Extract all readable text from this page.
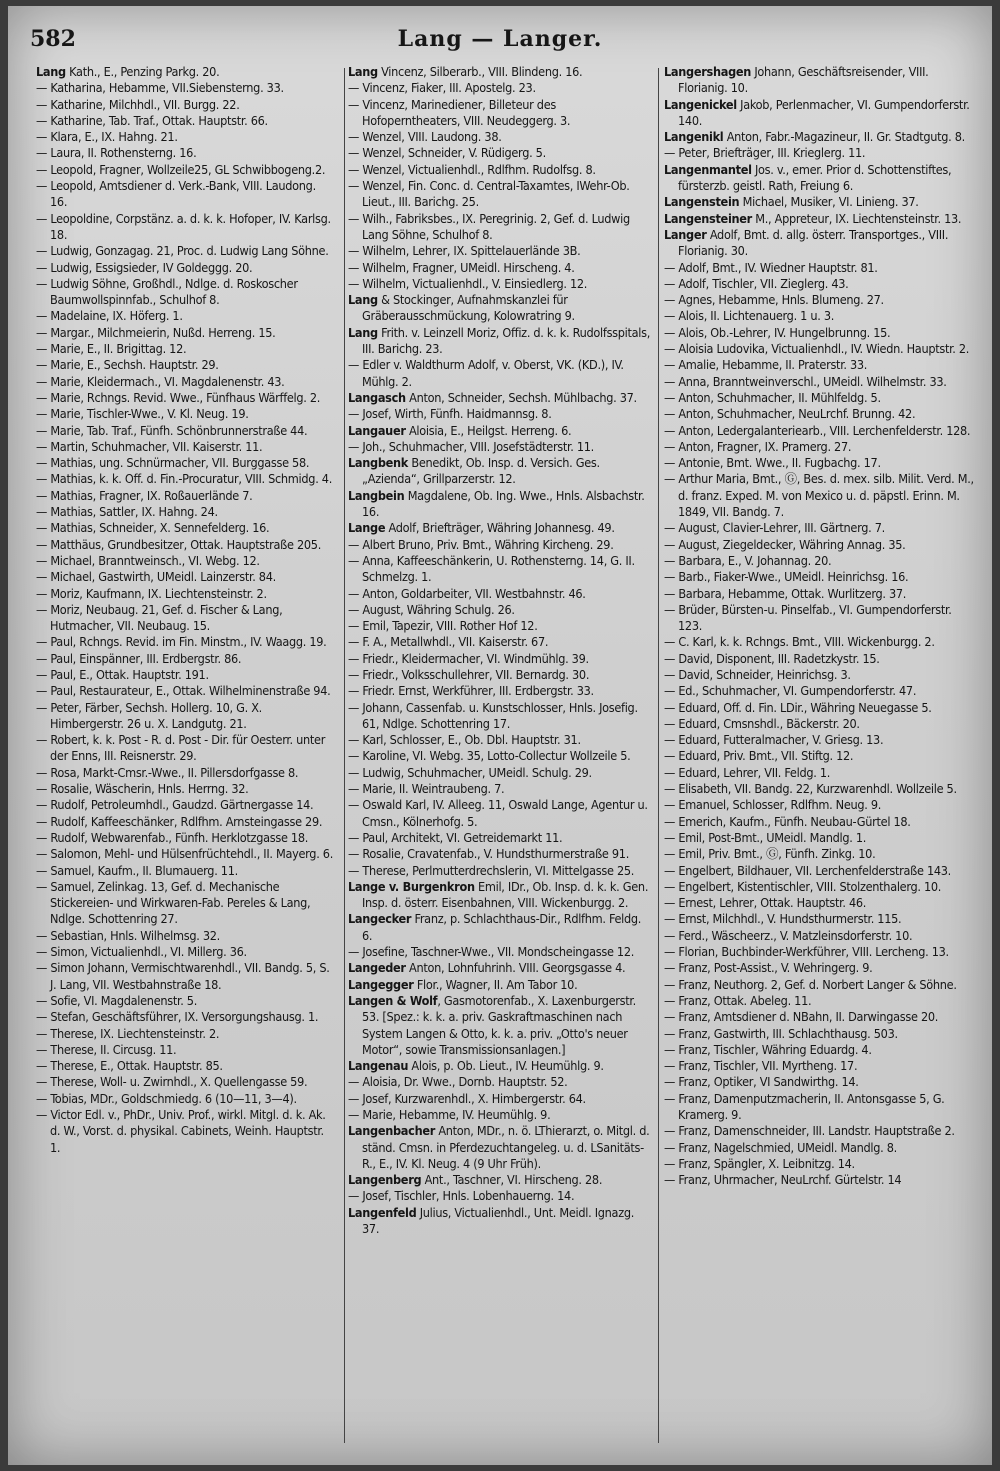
582	Lang — Langer.

Lang Kath., E., Penzing Parkg. 20.

— Katharina, Hebamme, VII.Siebensterng. 33.

— Katharine, Milchhdl., VII. Burgg. 22.

— Katharine, Tab. Traf., Ottak. Hauptstr. 66.

— Klara, E., IX. Hahng. 21.

— Laura, II. Rothensterng. 16.

— Leopold, Fragner, Wollzeile25, GL Schwibbogeng.2.

— Leopold, Amtsdiener d. Verk.-Bank, VIII. Laudong. 16.

— Leopoldine, Corpstänz. a. d. k. k. Hofoper, IV. Karlsg. 18.

— Ludwig, Gonzagag. 21, Proc. d. Ludwig Lang Söhne.

— Ludwig, Essigsieder, IV Goldeggg. 20.

— Ludwig Söhne, Großhdl., Ndlge. d. Roskoscher Baumwollspinnfab., Schulhof 8.

— Madelaine, IX. Höferg. 1.

— Margar., Milchmeierin, Nußd. Herreng. 15.

— Marie, E., II. Brigittag. 12.

— Marie, E., Sechsh. Hauptstr. 29.

— Marie, Kleidermach., VI. Magdalenenstr. 43.

— Marie, Rchngs. Revid. Wwe., Fünfhaus Wärffelg. 2.

— Marie, Tischler-Wwe., V. Kl. Neug. 19.

— Marie, Tab. Traf., Fünfh. Schönbrunnerstraße 44.

— Martin, Schuhmacher, VII. Kaiserstr. 11.

— Mathias, ung. Schnürmacher, VII. Burggasse 58.

— Mathias, k. k. Off. d. Fin.-Procuratur, VIII. Schmidg. 4.

— Mathias, Fragner, IX. Roßauerlände 7.

— Mathias, Sattler, IX. Hahng. 24.

— Mathias, Schneider, X. Sennefelderg. 16.

— Matthäus, Grundbesitzer, Ottak. Hauptstraße 205.

— Michael, Branntweinsch., VI. Webg. 12.

— Michael, Gastwirth, UMeidl. Lainzerstr. 84.

— Moriz, Kaufmann, IX. Liechtensteinstr. 2.

— Moriz, Neubaug. 21, Gef. d. Fischer & Lang, Hutmacher, VII. Neubaug. 15.

— Paul, Rchngs. Revid. im Fin. Minstm., IV. Waagg. 19.

— Paul, Einspänner, III. Erdbergstr. 86.

— Paul, E., Ottak. Hauptstr. 191.

— Paul, Restaurateur, E., Ottak. Wilhelminenstraße 94.

— Peter, Färber, Sechsh. Hollerg. 10, G. X. Himbergerstr. 26 u. X. Landgutg. 21.

— Robert, k. k. Post - R. d. Post - Dir. für Oesterr. unter der Enns, III. Reisnerstr. 29.

— Rosa, Markt-Cmsr.-Wwe., II. Pillersdorfgasse 8.

— Rosalie, Wäscherin, Hnls. Herrng. 32.

— Rudolf, Petroleumhdl., Gaudzd. Gärtnergasse 14.

— Rudolf, Kaffeeschänker, Rdlfhm. Arnsteingasse 29.

— Rudolf, Webwarenfab., Fünfh. Herklotzgasse 18.

— Salomon, Mehl- und Hülsenfrüchtehdl., II. Mayerg. 6.

— Samuel, Kaufm., II. Blumauerg. 11.

— Samuel, Zelinkag. 13, Gef. d. Mechanische Stickereien- und Wirkwaren-Fab. Pereles & Lang, Ndlge. Schottenring 27.

— Sebastian, Hnls. Wilhelmsg. 32.

— Simon, Victualienhdl., VI. Millerg. 36.

— Simon Johann, Vermischtwarenhdl., VII. Bandg. 5, S. J. Lang, VII. Westbahnstraße 18.

— Sofie, VI. Magdalenenstr. 5.

— Stefan, Geschäftsführer, IX. Versorgungshausg. 1.

— Therese, IX. Liechtensteinstr. 2.

— Therese, II. Circusg. 11.

— Therese, E., Ottak. Hauptstr. 85.

— Therese, Woll- u. Zwirnhdl., X. Quellengasse 59.

— Tobias, MDr., Goldschmiedg. 6 (10—11, 3—4).

— Victor Edl. v., PhDr., Univ. Prof., wirkl. Mitgl. d. k. Ak. d. W., Vorst. d. physikal. Cabinets, Weinh. Hauptstr. 1.

Lang Vincenz, Silberarb., VIII. Blindeng. 16.

— Vincenz, Fiaker, III. Apostelg. 23.

— Vincenz, Marinediener, Billeteur des Hofoperntheaters, VIII. Neudeggerg. 3.

— Wenzel, VIII. Laudong. 38.

— Wenzel, Schneider, V. Rüdigerg. 5.

— Wenzel, Victualienhdl., Rdlfhm. Rudolfsg. 8.

— Wenzel, Fin. Conc. d. Central-Taxamtes, IWehr-Ob. Lieut., III. Barichg. 25.

— Wilh., Fabriksbes., IX. Peregrinig. 2, Gef. d. Ludwig Lang Söhne, Schulhof 8.

— Wilhelm, Lehrer, IX. Spittelauerlände 3B.

— Wilhelm, Fragner, UMeidl. Hirscheng. 4.

— Wilhelm, Victualienhdl., V. Einsiedlerg. 12.

Lang & Stockinger, Aufnahmskanzlei für Gräberausschmückung, Kolowratring 9.

Lang Frith. v. Leinzell Moriz, Offiz. d. k. k. Rudolfsspitals, III. Barichg. 23.

— Edler v. Waldthurm Adolf, v. Oberst, VK. (KD.), IV. Mühlg. 2.

Langasch Anton, Schneider, Sechsh. Mühlbachg. 37.

— Josef, Wirth, Fünfh. Haidmannsg. 8.

Langauer Aloisia, E., Heilgst. Herreng. 6.

— Joh., Schuhmacher, VIII. Josefstädterstr. 11.

Langbenk Benedikt, Ob. Insp. d. Versich. Ges. „Azienda“, Grillparzerstr. 12.

Langbein Magdalene, Ob. Ing. Wwe., Hnls. Alsbachstr. 16.

Lange Adolf, Briefträger, Währing Johannesg. 49.

— Albert Bruno, Priv. Bmt., Währing Kircheng. 29.

— Anna, Kaffeeschänkerin, U. Rothensterng. 14, G. II. Schmelzg. 1.

— Anton, Goldarbeiter, VII. Westbahnstr. 46.

— August, Währing Schulg. 26.

— Emil, Tapezir, VIII. Rother Hof 12.

— F. A., Metallwhdl., VII. Kaiserstr. 67.

— Friedr., Kleidermacher, VI. Windmühlg. 39.

— Friedr., Volksschullehrer, VII. Bernardg. 30.

— Friedr. Ernst, Werkführer, III. Erdbergstr. 33.

— Johann, Cassenfab. u. Kunstschlosser, Hnls. Josefig. 61, Ndlge. Schottenring 17.

— Karl, Schlosser, E., Ob. Dbl. Hauptstr. 31.

— Karoline, VI. Webg. 35, Lotto-Collectur Wollzeile 5.

— Ludwig, Schuhmacher, UMeidl. Schulg. 29.

— Marie, II. Weintraubeng. 7.

— Oswald Karl, IV. Alleeg. 11, Oswald Lange, Agentur u. Cmsn., Kölnerhofg. 5.

— Paul, Architekt, VI. Getreidemarkt 11.

— Rosalie, Cravatenfab., V. Hundsthurmerstraße 91.

— Therese, Perlmutterdrechslerin, VI. Mittelgasse 25.

Lange v. Burgenkron Emil, IDr., Ob. Insp. d. k. k. Gen. Insp. d. österr. Eisenbahnen, VIII. Wickenburgg. 2.

Langecker Franz, p. Schlachthaus-Dir., Rdlfhm. Feldg. 6.

— Josefine, Taschner-Wwe., VII. Mondscheingasse 12.

Langeder Anton, Lohnfuhrinh. VIII. Georgsgasse 4.

Langegger Flor., Wagner, II. Am Tabor 10.

Langen & Wolf, Gasmotorenfab., X. Laxenburgerstr. 53. [Spez.: k. k. a. priv. Gaskraftmaschinen nach System Langen & Otto, k. k. a. priv. „Otto's neuer Motor“, sowie Transmissionsanlagen.]

Langenau Alois, p. Ob. Lieut., IV. Heumühlg. 9.

— Aloisia, Dr. Wwe., Dornb. Hauptstr. 52.

— Josef, Kurzwarenhdl., X. Himbergerstr. 64.

— Marie, Hebamme, IV. Heumühlg. 9.

Langenbacher Anton, MDr., n. ö. LThierarzt, o. Mitgl. d. ständ. Cmsn. in Pferdezuchtangeleg. u. d. LSanitäts-R., E., IV. Kl. Neug. 4 (9 Uhr Früh).

Langenberg Ant., Taschner, VI. Hirscheng. 28.

— Josef, Tischler, Hnls. Lobenhauerng. 14.

Langenfeld Julius, Victualienhdl., Unt. Meidl. Ignazg. 37.

Langershagen Johann, Geschäftsreisender, VIII. Florianig. 10.

Langenickel Jakob, Perlenmacher, VI. Gumpendorferstr. 140.

Langenikl Anton, Fabr.-Magazineur, II. Gr. Stadtgutg. 8.

— Peter, Briefträger, III. Krieglerg. 11.

Langenmantel Jos. v., emer. Prior d. Schottenstiftes, fürsterzb. geistl. Rath, Freiung 6.

Langenstein Michael, Musiker, VI. Linieng. 37.

Langensteiner M., Appreteur, IX. Liechtensteinstr. 13.

Langer Adolf, Bmt. d. allg. österr. Transportges., VIII. Florianig. 30.

— Adolf, Bmt., IV. Wiedner Hauptstr. 81.

— Adolf, Tischler, VII. Zieglerg. 43.

— Agnes, Hebamme, Hnls. Blumeng. 27.

— Alois, II. Lichtenauerg. 1 u. 3.

— Alois, Ob.-Lehrer, IV. Hungelbrunng. 15.

— Aloisia Ludovika, Victualienhdl., IV. Wiedn. Hauptstr. 2.

— Amalie, Hebamme, II. Praterstr. 33.

— Anna, Branntweinverschl., UMeidl. Wilhelmstr. 33.

— Anton, Schuhmacher, II. Mühlfeldg. 5.

— Anton, Schuhmacher, NeuLrchf. Brunng. 42.

— Anton, Ledergalanteriearb., VIII. Lerchenfelderstr. 128.

— Anton, Fragner, IX. Pramerg. 27.

— Antonie, Bmt. Wwe., II. Fugbachg. 17.

— Arthur Maria, Bmt., Ⓖ, Bes. d. mex. silb. Milit. Verd. M., d. franz. Exped. M. von Mexico u. d. päpstl. Erinn. M. 1849, VII. Bandg. 7.

— August, Clavier-Lehrer, III. Gärtnerg. 7.

— August, Ziegeldecker, Währing Annag. 35.

— Barbara, E., V. Johannag. 20.

— Barb., Fiaker-Wwe., UMeidl. Heinrichsg. 16.

— Barbara, Hebamme, Ottak. Wurlitzerg. 37.

— Brüder, Bürsten-u. Pinselfab., VI. Gumpendorferstr. 123.

— C. Karl, k. k. Rchngs. Bmt., VIII. Wickenburgg. 2.

— David, Disponent, III. Radetzkystr. 15.

— David, Schneider, Heinrichsg. 3.

— Ed., Schuhmacher, VI. Gumpendorferstr. 47.

— Eduard, Off. d. Fin. LDir., Währing Neuegasse 5.

— Eduard, Cmsnshdl., Bäckerstr. 20.

— Eduard, Futteralmacher, V. Griesg. 13.

— Eduard, Priv. Bmt., VII. Stiftg. 12.

— Eduard, Lehrer, VII. Feldg. 1.

— Elisabeth, VII. Bandg. 22, Kurzwarenhdl. Wollzeile 5.

— Emanuel, Schlosser, Rdlfhm. Neug. 9.

— Emerich, Kaufm., Fünfh. Neubau-Gürtel 18.

— Emil, Post-Bmt., UMeidl. Mandlg. 1.

— Emil, Priv. Bmt., Ⓖ, Fünfh. Zinkg. 10.

— Engelbert, Bildhauer, VII. Lerchenfelderstraße 143.

— Engelbert, Kistentischler, VIII. Stolzenthalerg. 10.

— Ernest, Lehrer, Ottak. Hauptstr. 46.

— Ernst, Milchhdl., V. Hundsthurmerstr. 115.

— Ferd., Wäscheerz., V. Matzleinsdorferstr. 10.

— Florian, Buchbinder-Werkführer, VIII. Lercheng. 13.

— Franz, Post-Assist., V. Wehringerg. 9.

— Franz, Neuthorg. 2, Gef. d. Norbert Langer & Söhne.

— Franz, Ottak. Abeleg. 11.

— Franz, Amtsdiener d. NBahn, II. Darwingasse 20.

— Franz, Gastwirth, III. Schlachthausg. 503.

— Franz, Tischler, Währing Eduardg. 4.

— Franz, Tischler, VII. Myrtheng. 17.

— Franz, Optiker, VI Sandwirthg. 14.

— Franz, Damenputzmacherin, II. Antonsgasse 5, G. Kramerg. 9.

— Franz, Damenschneider, III. Landstr. Hauptstraße 2.

— Franz, Nagelschmied, UMeidl. Mandlg. 8.

— Franz, Spängler, X. Leibnitzg. 14.

— Franz, Uhrmacher, NeuLrchf. Gürtelstr. 14
